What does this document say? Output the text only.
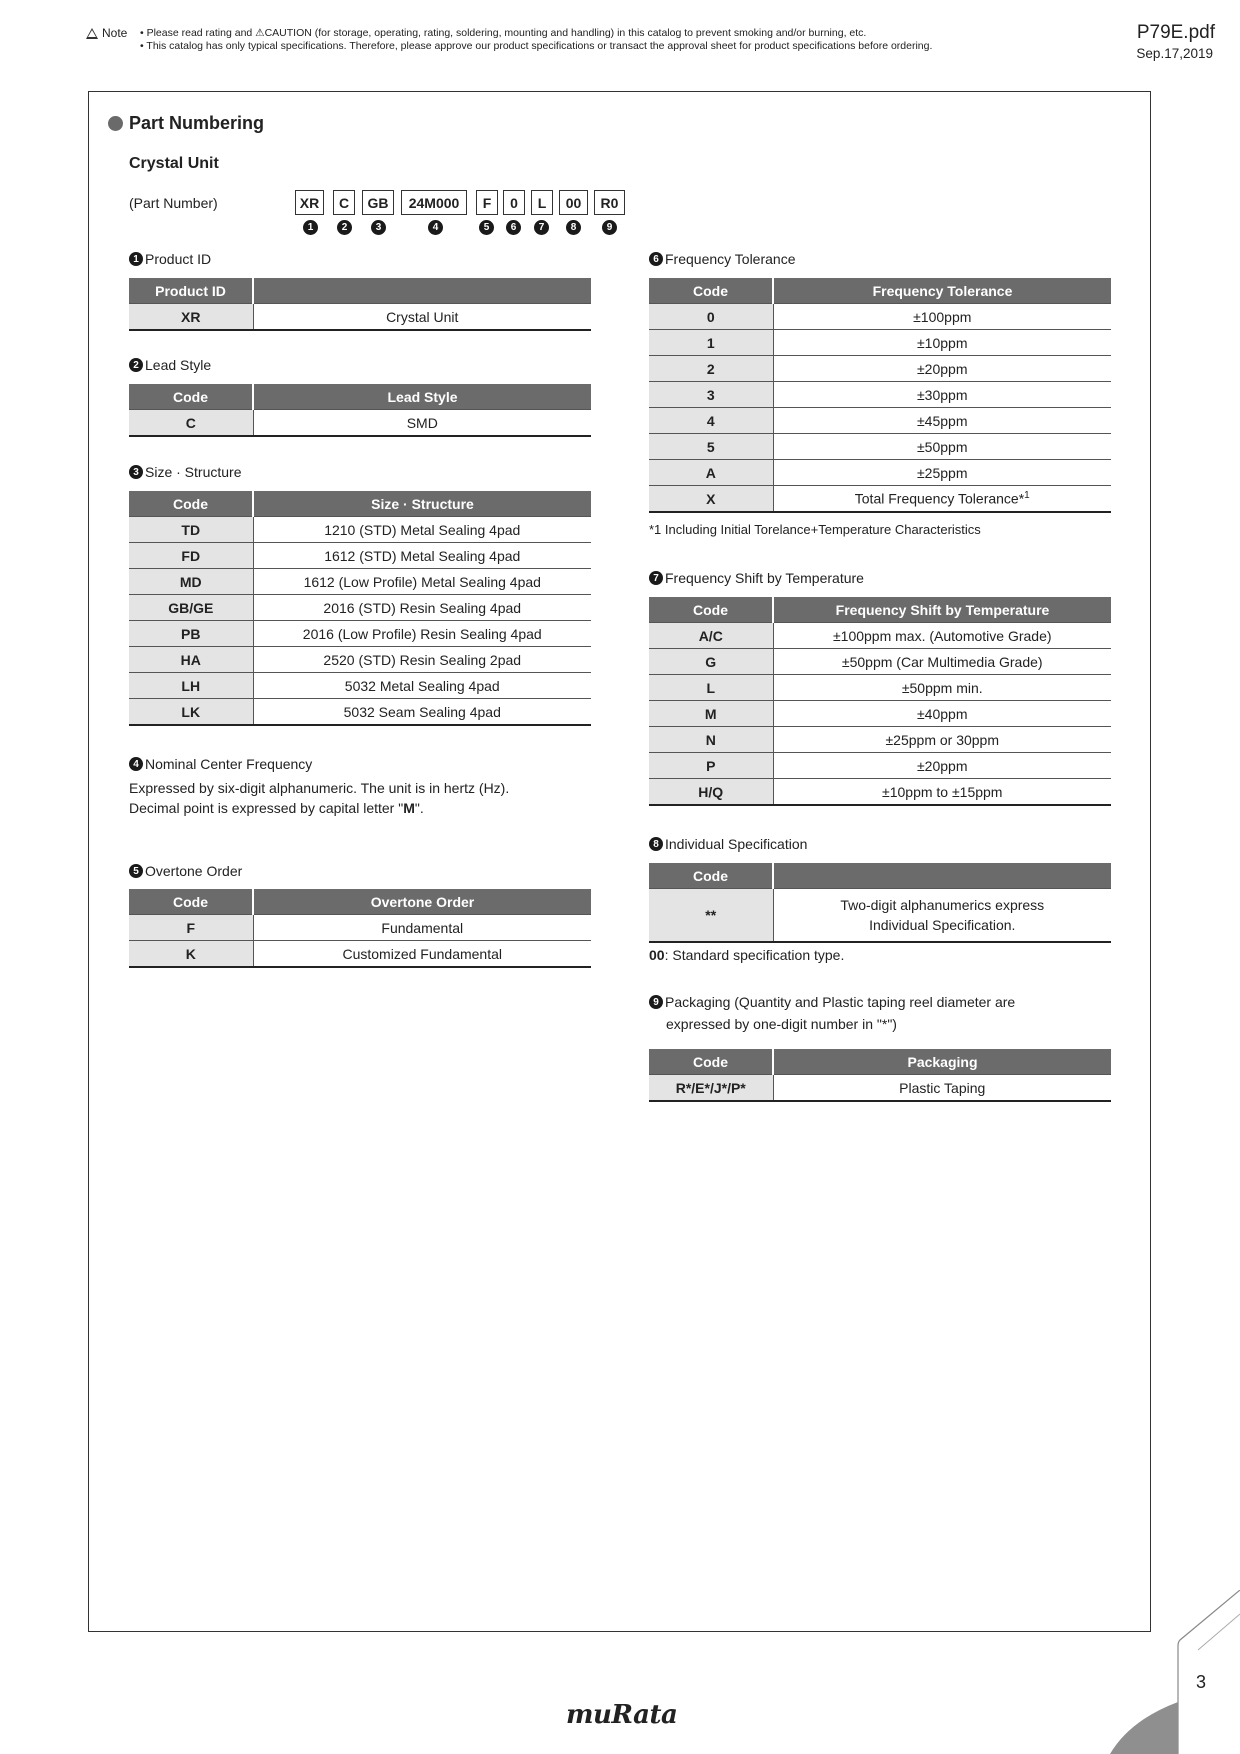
Note • Please read rating and ⚠CAUTION (for storage, operating, rating, soldering, mounting and handling) in this catalog to prevent smoking and/or burning, etc.
• This catalog has only typical specifications. Therefore, please approve our product specifications or transact the approval sheet for product specifications before ordering.
P79E.pdf
Sep.17,2019
Part Numbering
Crystal Unit
(Part Number)	XR	C	GB	24M000	F	0	L	00	R0
1	2	3	4	5	6	7	8	9
1 Product ID
Product ID	
XR	Crystal Unit
2 Lead Style
Code	Lead Style
C	SMD
3 Size · Structure
Code	Size · Structure
TD	1210 (STD) Metal Sealing 4pad
FD	1612 (STD) Metal Sealing 4pad
MD	1612 (Low Profile) Metal Sealing 4pad
GB/GE	2016 (STD) Resin Sealing 4pad
PB	2016 (Low Profile) Resin Sealing 4pad
HA	2520 (STD) Resin Sealing 2pad
LH	5032 Metal Sealing 4pad
LK	5032 Seam Sealing 4pad
4 Nominal Center Frequency
Expressed by six-digit alphanumeric. The unit is in hertz (Hz).
Decimal point is expressed by capital letter "M".
5 Overtone Order
Code	Overtone Order
F	Fundamental
K	Customized Fundamental
6 Frequency Tolerance
Code	Frequency Tolerance
0	±100ppm
1	±10ppm
2	±20ppm
3	±30ppm
4	±45ppm
5	±50ppm
A	±25ppm
X	Total Frequency Tolerance*$^1$
*1 Including Initial Torelance+Temperature Characteristics
7 Frequency Shift by Temperature
Code	Frequency Shift by Temperature
A/C	±100ppm max. (Automotive Grade)
G	±50ppm (Car Multimedia Grade)
L	±50ppm min.
M	±40ppm
N	±25ppm or 30ppm
P	±20ppm
H/Q	±10ppm to ±15ppm
8 Individual Specification
Code	
**	Two-digit alphanumerics express
Individual Specification.
00: Standard specification type.
9 Packaging (Quantity and Plastic taping reel diameter are
expressed by one-digit number in "*")
Code	Packaging
R*/E*/J*/P*	Plastic Taping
muRata
3
